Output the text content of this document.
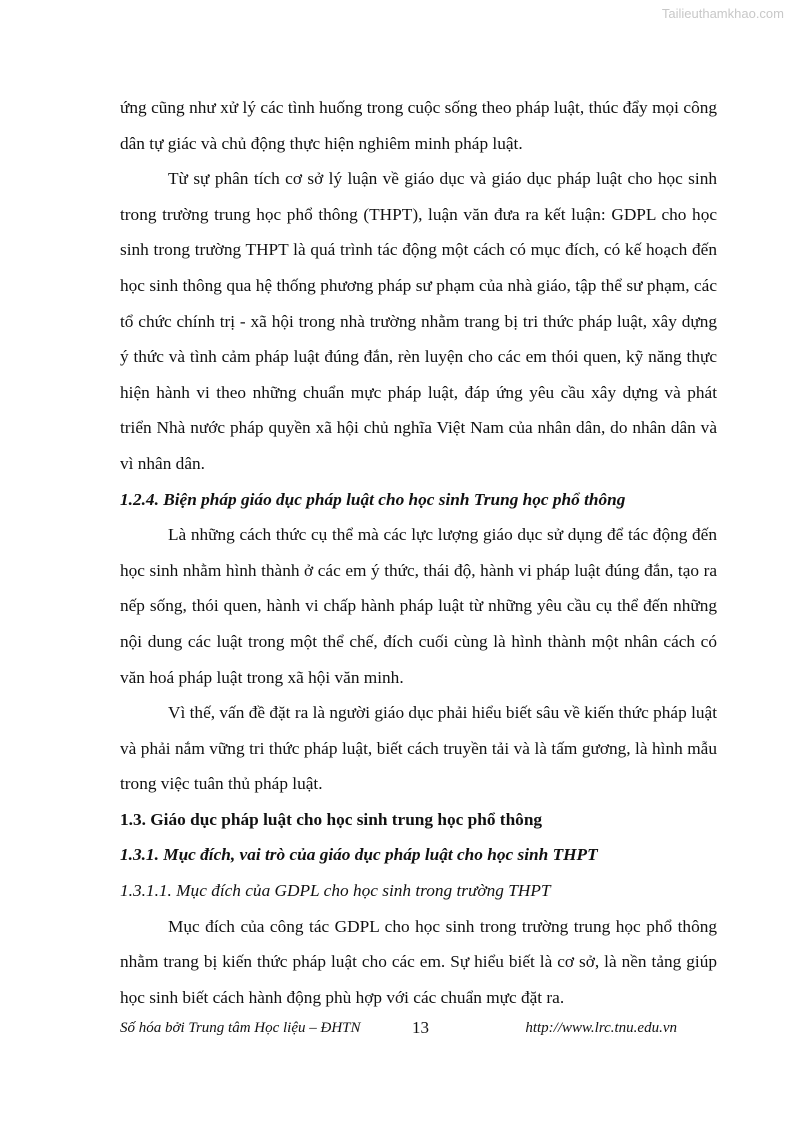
Tailieuthamkhao.com

ứng cũng như xử lý các tình huống trong cuộc sống theo pháp luật, thúc đẩy mọi công dân tự giác và chủ động thực hiện nghiêm minh pháp luật.

Từ sự phân tích cơ sở lý luận về giáo dục và giáo dục pháp luật cho học sinh trong trường trung học phổ thông (THPT), luận văn đưa ra kết luận: GDPL cho học sinh trong trường THPT là quá trình tác động một cách có mục đích, có kế hoạch đến học sinh thông qua hệ thống phương pháp sư phạm của nhà giáo, tập thể sư phạm, các tổ chức chính trị - xã hội trong nhà trường nhằm trang bị tri thức pháp luật, xây dựng ý thức và tình cảm pháp luật đúng đắn, rèn luyện cho các em thói quen, kỹ năng thực hiện hành vi theo những chuẩn mực pháp luật, đáp ứng yêu cầu xây dựng và phát triển Nhà nước pháp quyền xã hội chủ nghĩa Việt Nam của nhân dân, do nhân dân và vì nhân dân.

1.2.4. Biện pháp giáo dục pháp luật cho học sinh Trung học phổ thông

Là những cách thức cụ thể mà các lực lượng giáo dục sử dụng để tác động đến học sinh nhằm hình thành ở các em ý thức, thái độ, hành vi pháp luật đúng đắn, tạo ra nếp sống, thói quen, hành vi chấp hành pháp luật từ những yêu cầu cụ thể đến những nội dung các luật trong một thể chế, đích cuối cùng là hình thành một nhân cách có văn hoá pháp luật trong xã hội văn minh.

Vì thế, vấn đề đặt ra là người giáo dục phải hiểu biết sâu về kiến thức pháp luật và phải nắm vững tri thức pháp luật, biết cách truyền tải và là tấm gương, là hình mẫu trong việc tuân thủ pháp luật.

1.3. Giáo dục pháp luật cho học sinh trung học phổ thông

1.3.1. Mục đích, vai trò của giáo dục pháp luật cho học sinh THPT

1.3.1.1. Mục đích của GDPL cho học sinh trong trường THPT

Mục đích của công tác GDPL cho học sinh trong trường trung học phổ thông nhằm trang bị kiến thức pháp luật cho các em. Sự hiểu biết là cơ sở, là nền tảng giúp học sinh biết cách hành động phù hợp với các chuẩn mực đặt ra.

Số hóa bởi Trung tâm Học liệu – ĐHTN	13	http://www.lrc.tnu.edu.vn
